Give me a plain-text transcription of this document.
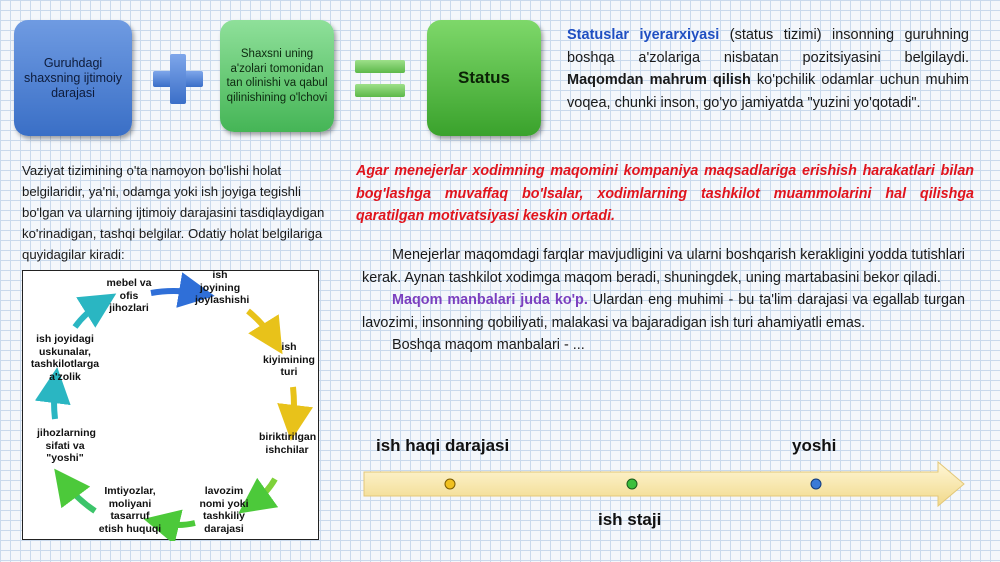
Guruhdagi shaxsning ijtimoiy darajasi
Shaxsni uning a'zolari tomonidan tan olinishi va qabul qilinishining o'lchovi
Status

Statuslar iyerarxiyasi (status tizimi) insonning guruhning boshqa a'zolariga nisbatan pozitsiyasini belgilaydi. Maqomdan mahrum qilish ko'pchilik odamlar uchun muhim voqea, chunki inson, go'yo jamiyatda "yuzini yo'qotadi".

Vaziyat tizimining o'ta namoyon bo'lishi holat belgilaridir, ya'ni, odamga yoki ish joyiga tegishli bo'lgan va ularning ijtimoiy darajasini tasdiqlaydigan ko'rinadigan, tashqi belgilar. Odatiy holat belgilariga quyidagilar kiradi:

Agar menejerlar xodimning maqomini kompaniya maqsadlariga erishish harakatlari bilan bog'lashga muvaffaq bo'lsalar, xodimlarning tashkilot muammolarini hal qilishga qaratilgan motivatsiyasi keskin ortadi.

Menejerlar maqomdagi farqlar mavjudligini va ularni boshqarish kerakligini yodda tutishlari kerak. Aynan tashkilot xodimga maqom beradi, shuningdek, uning martabasini bekor qiladi.

Maqom manbalari juda ko'p. Ulardan eng muhimi - bu ta'lim darajasi va egallab turgan lavozimi, insonning qobiliyati, malakasi va bajaradigan ish turi ahamiyatli emas.

Boshqa maqom manbalari - ...

ish joyining joylashishi
ish kiyimining turi
biriktirilgan ishchilar
lavozim nomi yoki tashkiliy darajasi
Imtiyozlar, moliyani tasarruf etish huquqi
jihozlarning sifati va "yoshi"
ish joyidagi uskunalar, tashkilotlarga a'zolik
mebel va ofis jihozlari
ish haqi darajasi	yoshi
ish staji
